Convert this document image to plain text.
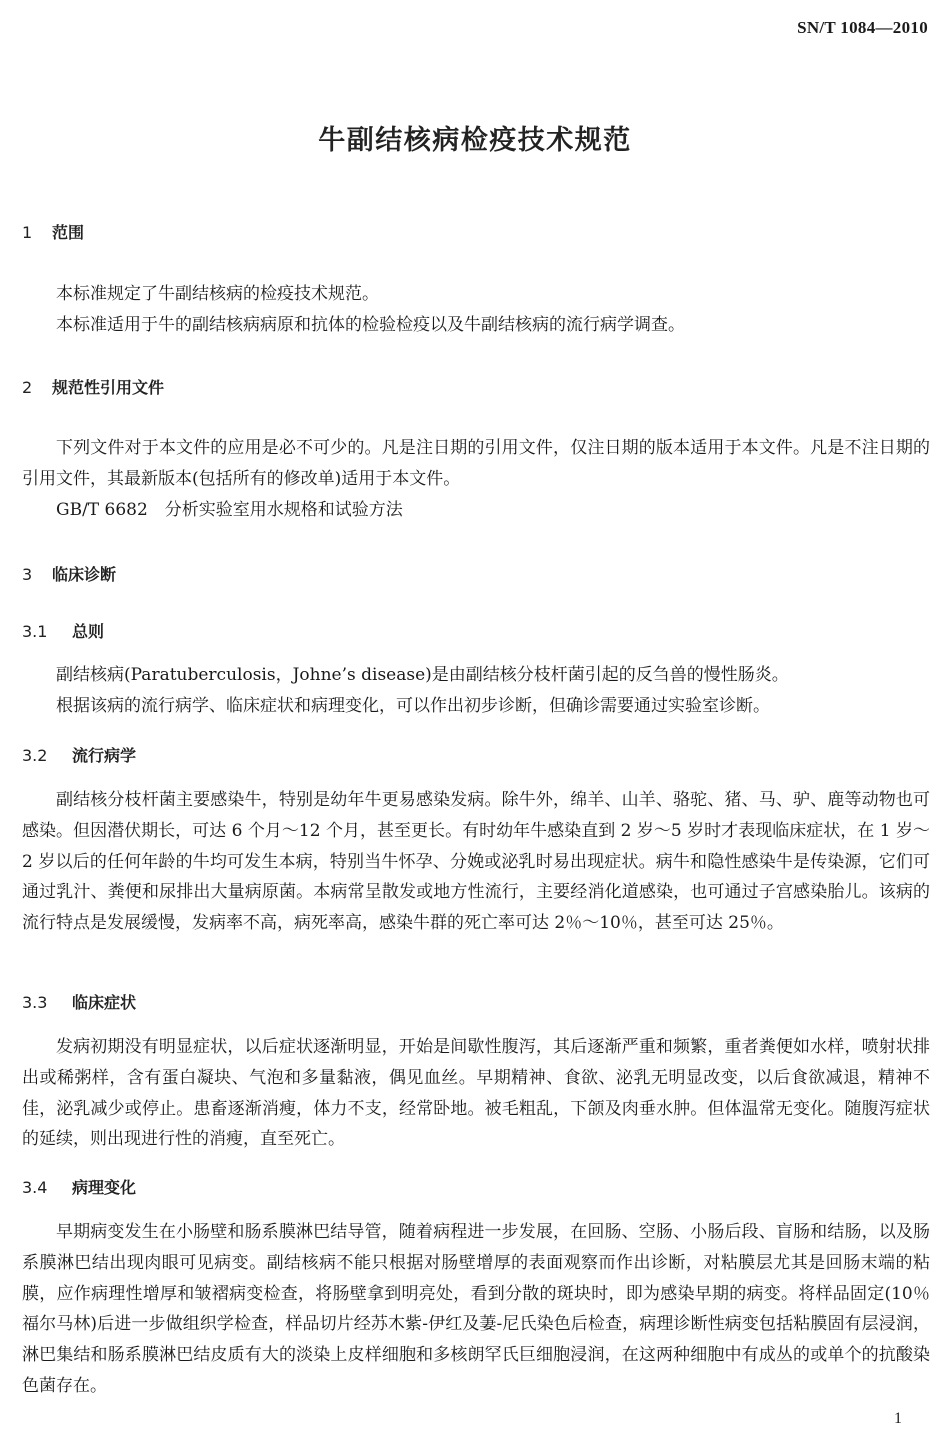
SN/T 1084—2010
牛副结核病检疫技术规范
1 范围

本标准规定了牛副结核病的检疫技术规范。

本标准适用于牛的副结核病病原和抗体的检验检疫以及牛副结核病的流行病学调查。

2 规范性引用文件

下列文件对于本文件的应用是必不可少的。凡是注日期的引用文件，仅注日期的版本适用于本文件。凡是不注日期的引用文件，其最新版本(包括所有的修改单)适用于本文件。

GB/T 6682　分析实验室用水规格和试验方法

3 临床诊断
3.1 总则

副结核病(Paratuberculosis，Johne’s disease)是由副结核分枝杆菌引起的反刍兽的慢性肠炎。

根据该病的流行病学、临床症状和病理变化，可以作出初步诊断，但确诊需要通过实验室诊断。

3.2 流行病学

副结核分枝杆菌主要感染牛，特别是幼年牛更易感染发病。除牛外，绵羊、山羊、骆驼、猪、马、驴、鹿等动物也可感染。但因潜伏期长，可达 6 个月～12 个月，甚至更长。有时幼年牛感染直到 2 岁～5 岁时才表现临床症状，在 1 岁～2 岁以后的任何年龄的牛均可发生本病，特别当牛怀孕、分娩或泌乳时易出现症状。病牛和隐性感染牛是传染源，它们可通过乳汁、粪便和尿排出大量病原菌。本病常呈散发或地方性流行，主要经消化道感染，也可通过子宫感染胎儿。该病的流行特点是发展缓慢，发病率不高，病死率高，感染牛群的死亡率可达 2％～10％，甚至可达 25％。

3.3 临床症状

发病初期没有明显症状，以后症状逐渐明显，开始是间歇性腹泻，其后逐渐严重和频繁，重者粪便如水样，喷射状排出或稀粥样，含有蛋白凝块、气泡和多量黏液，偶见血丝。早期精神、食欲、泌乳无明显改变，以后食欲减退，精神不佳，泌乳减少或停止。患畜逐渐消瘦，体力不支，经常卧地。被毛粗乱，下颌及肉垂水肿。但体温常无变化。随腹泻症状的延续，则出现进行性的消瘦，直至死亡。

3.4 病理变化

早期病变发生在小肠壁和肠系膜淋巴结导管，随着病程进一步发展，在回肠、空肠、小肠后段、盲肠和结肠，以及肠系膜淋巴结出现肉眼可见病变。副结核病不能只根据对肠壁增厚的表面观察而作出诊断，对粘膜层尤其是回肠末端的粘膜，应作病理性增厚和皱褶病变检查，将肠壁拿到明亮处，看到分散的斑块时，即为感染早期的病变。将样品固定(10％福尔马林)后进一步做组织学检查，样品切片经苏木紫-伊红及萋-尼氏染色后检查，病理诊断性病变包括粘膜固有层浸润，淋巴集结和肠系膜淋巴结皮质有大的淡染上皮样细胞和多核朗罕氏巨细胞浸润，在这两种细胞中有成丛的或单个的抗酸染色菌存在。

1
